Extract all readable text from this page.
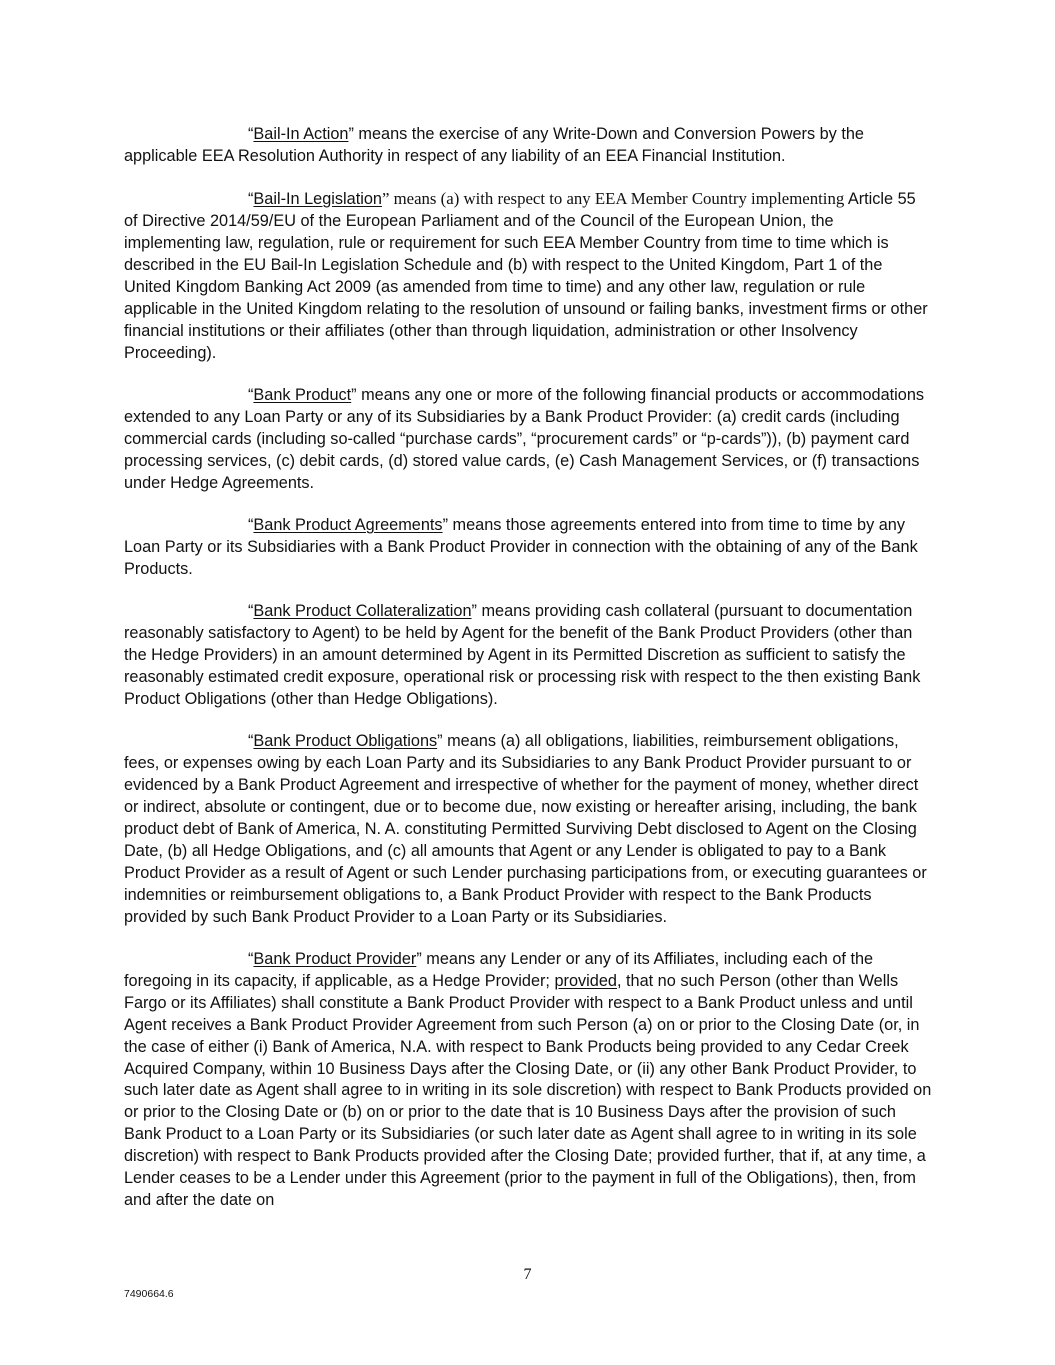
“Bail-In Action” means the exercise of any Write-Down and Conversion Powers by the applicable EEA Resolution Authority in respect of any liability of an EEA Financial Institution.

“Bail-In Legislation” means (a) with respect to any EEA Member Country implementing Article 55 of Directive 2014/59/EU of the European Parliament and of the Council of the European Union, the implementing law, regulation, rule or requirement for such EEA Member Country from time to time which is described in the EU Bail-In Legislation Schedule and (b) with respect to the United Kingdom, Part 1 of the United Kingdom Banking Act 2009 (as amended from time to time) and any other law, regulation or rule applicable in the United Kingdom relating to the resolution of unsound or failing banks, investment firms or other financial institutions or their affiliates (other than through liquidation, administration or other Insolvency Proceeding).

“Bank Product” means any one or more of the following financial products or accommodations extended to any Loan Party or any of its Subsidiaries by a Bank Product Provider: (a) credit cards (including commercial cards (including so-called “purchase cards”, “procurement cards” or “p-cards”)), (b) payment card processing services, (c) debit cards, (d) stored value cards, (e) Cash Management Services, or (f) transactions under Hedge Agreements.

“Bank Product Agreements” means those agreements entered into from time to time by any Loan Party or its Subsidiaries with a Bank Product Provider in connection with the obtaining of any of the Bank Products.

“Bank Product Collateralization” means providing cash collateral (pursuant to documentation reasonably satisfactory to Agent) to be held by Agent for the benefit of the Bank Product Providers (other than the Hedge Providers) in an amount determined by Agent in its Permitted Discretion as sufficient to satisfy the reasonably estimated credit exposure, operational risk or processing risk with respect to the then existing Bank Product Obligations (other than Hedge Obligations).

“Bank Product Obligations” means (a) all obligations, liabilities, reimbursement obligations, fees, or expenses owing by each Loan Party and its Subsidiaries to any Bank Product Provider pursuant to or evidenced by a Bank Product Agreement and irrespective of whether for the payment of money, whether direct or indirect, absolute or contingent, due or to become due, now existing or hereafter arising, including, the bank product debt of Bank of America, N. A. constituting Permitted Surviving Debt disclosed to Agent on the Closing Date, (b) all Hedge Obligations, and (c) all amounts that Agent or any Lender is obligated to pay to a Bank Product Provider as a result of Agent or such Lender purchasing participations from, or executing guarantees or indemnities or reimbursement obligations to, a Bank Product Provider with respect to the Bank Products provided by such Bank Product Provider to a Loan Party or its Subsidiaries.

“Bank Product Provider” means any Lender or any of its Affiliates, including each of the foregoing in its capacity, if applicable, as a Hedge Provider; provided, that no such Person (other than Wells Fargo or its Affiliates) shall constitute a Bank Product Provider with respect to a Bank Product unless and until Agent receives a Bank Product Provider Agreement from such Person (a) on or prior to the Closing Date (or, in the case of either (i) Bank of America, N.A. with respect to Bank Products being provided to any Cedar Creek Acquired Company, within 10 Business Days after the Closing Date, or (ii) any other Bank Product Provider, to such later date as Agent shall agree to in writing in its sole discretion) with respect to Bank Products provided on or prior to the Closing Date or (b) on or prior to the date that is 10 Business Days after the provision of such Bank Product to a Loan Party or its Subsidiaries (or such later date as Agent shall agree to in writing in its sole discretion) with respect to Bank Products provided after the Closing Date; provided further, that if, at any time, a Lender ceases to be a Lender under this Agreement (prior to the payment in full of the Obligations), then, from and after the date on

7
7490664.6
